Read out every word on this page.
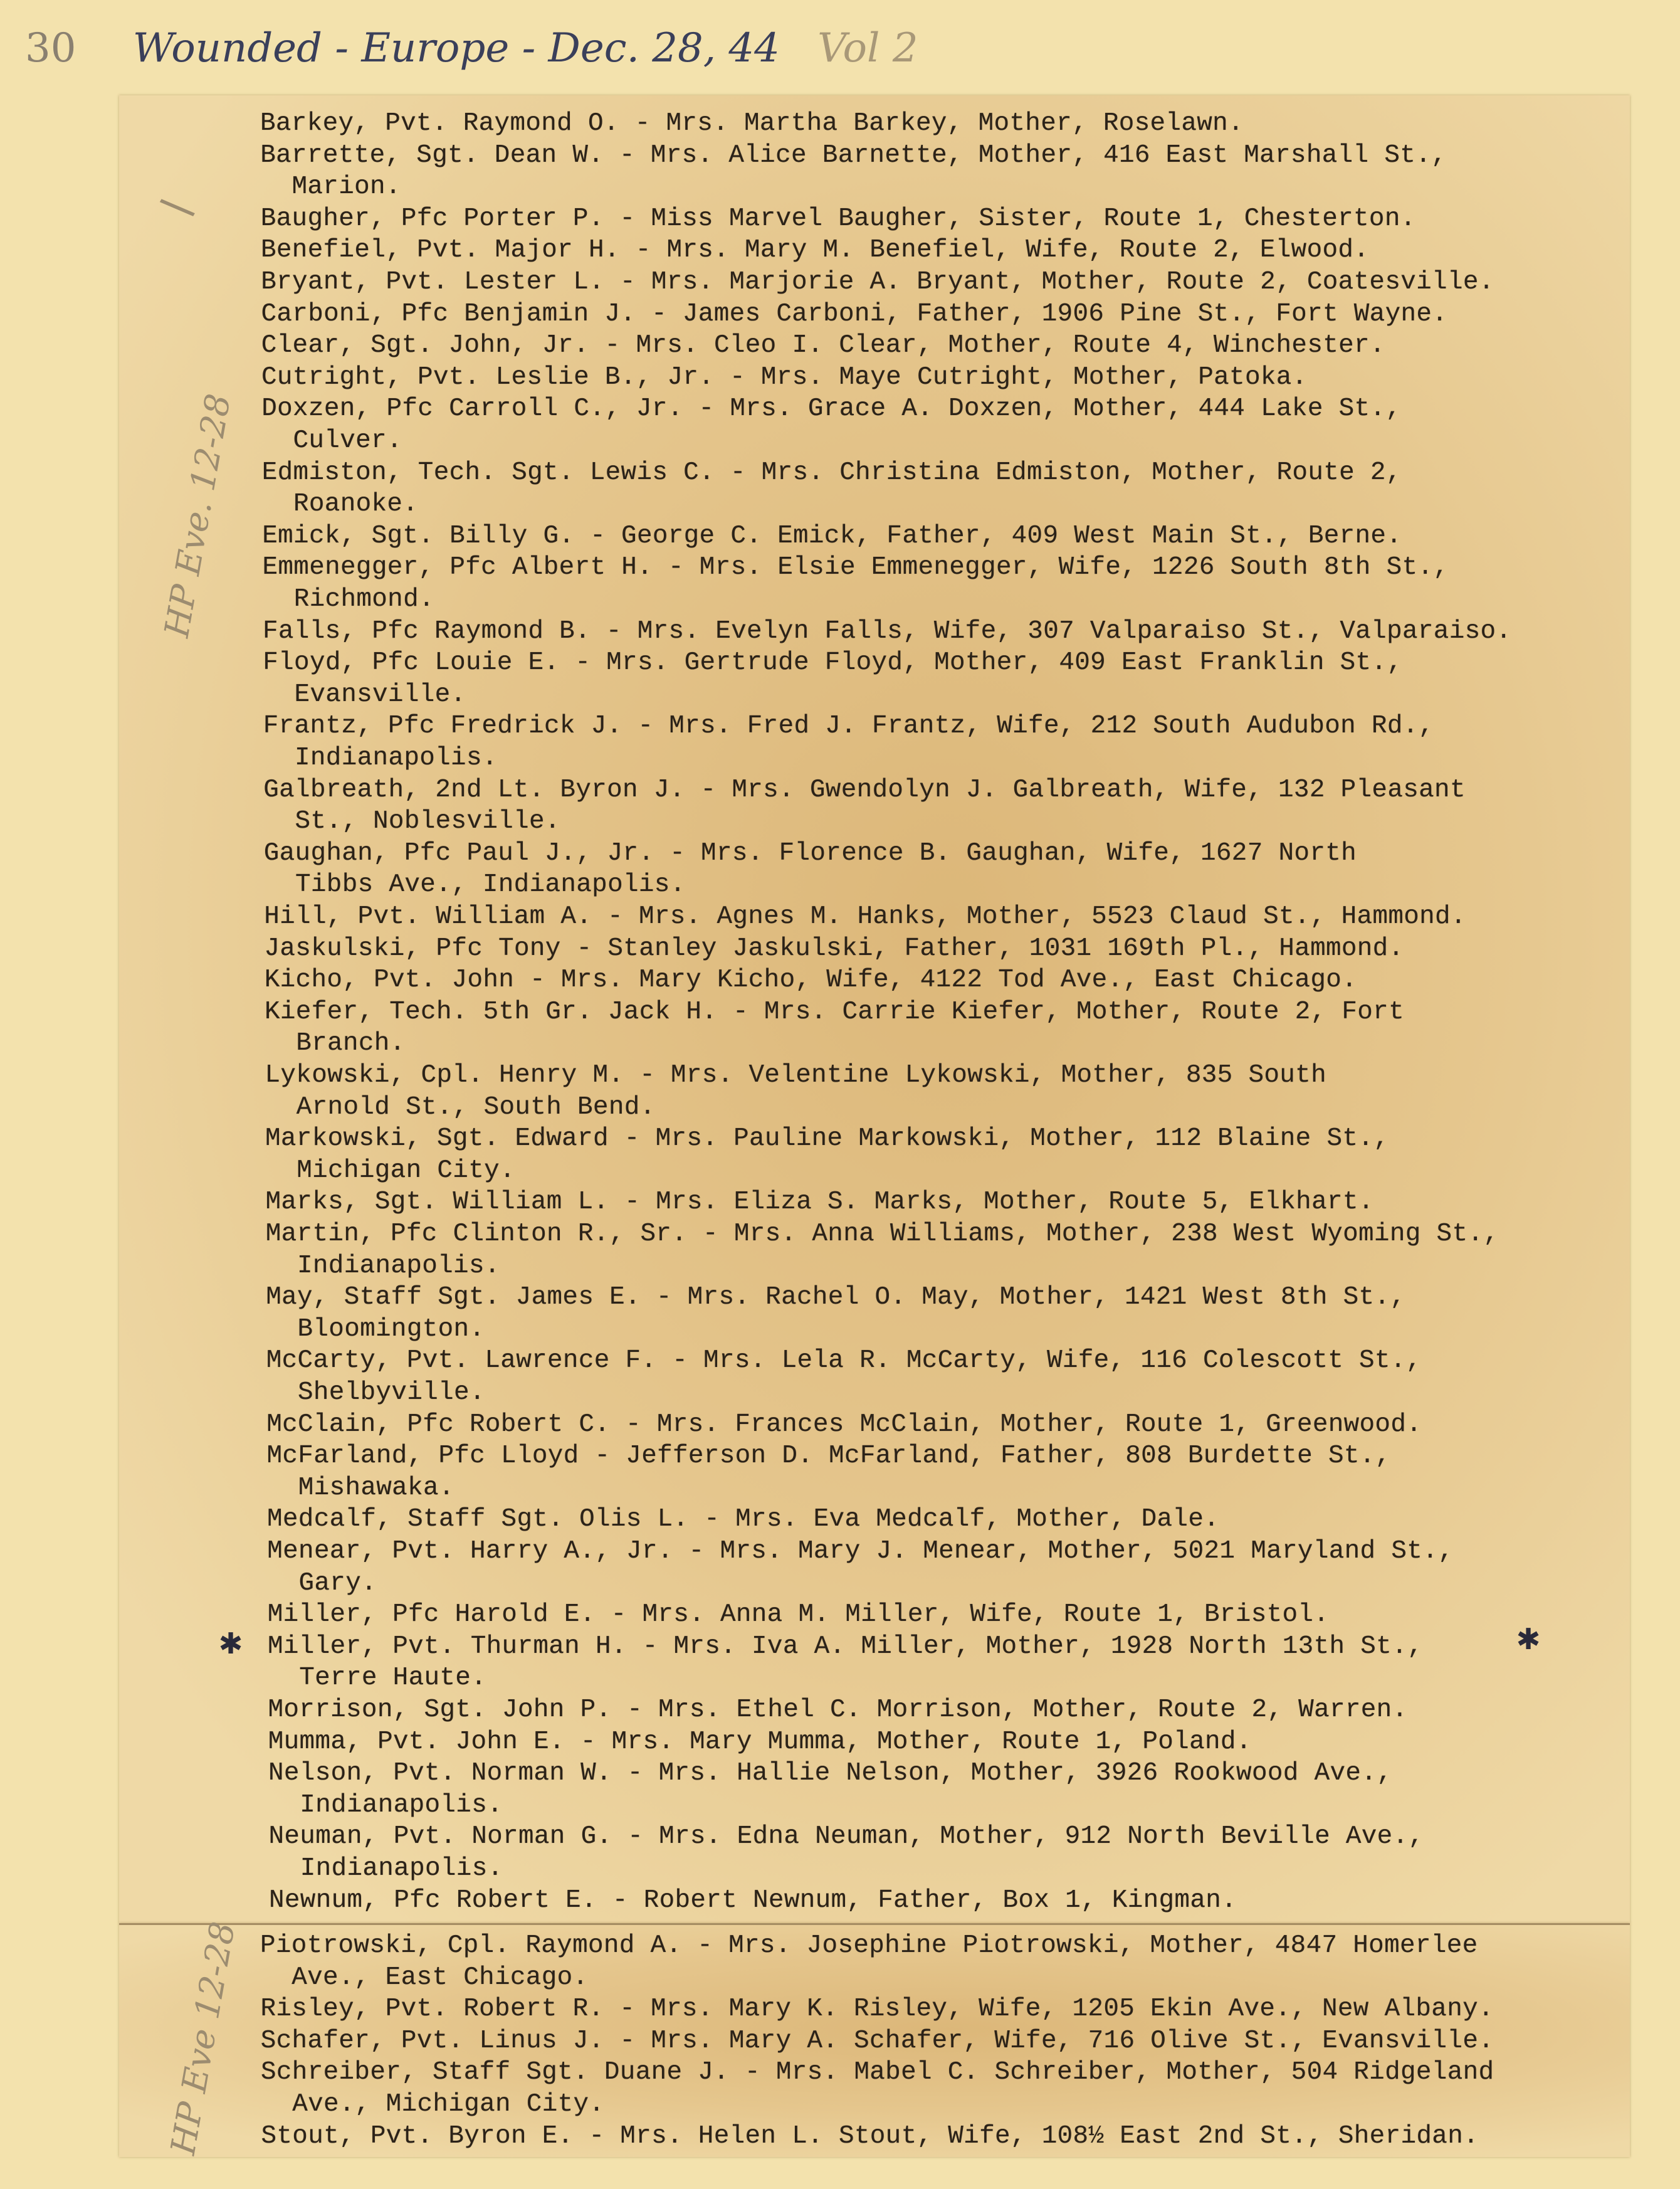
30 Wounded - Europe - Dec. 28, 44 Vol 2
Barkey, Pvt. Raymond O. - Mrs. Martha Barkey, Mother, Roselawn.
Barrette, Sgt. Dean W. - Mrs. Alice Barnette, Mother, 416 East Marshall St.,
Marion.
Baugher, Pfc Porter P. - Miss Marvel Baugher, Sister, Route 1, Chesterton.
Benefiel, Pvt. Major H. - Mrs. Mary M. Benefiel, Wife, Route 2, Elwood.
Bryant, Pvt. Lester L. - Mrs. Marjorie A. Bryant, Mother, Route 2, Coatesville.
Carboni, Pfc Benjamin J. - James Carboni, Father, 1906 Pine St., Fort Wayne.
Clear, Sgt. John, Jr. - Mrs. Cleo I. Clear, Mother, Route 4, Winchester.
Cutright, Pvt. Leslie B., Jr. - Mrs. Maye Cutright, Mother, Patoka.
Doxzen, Pfc Carroll C., Jr. - Mrs. Grace A. Doxzen, Mother, 444 Lake St.,
Culver.
Edmiston, Tech. Sgt. Lewis C. - Mrs. Christina Edmiston, Mother, Route 2,
Roanoke.
Emick, Sgt. Billy G. - George C. Emick, Father, 409 West Main St., Berne.
Emmenegger, Pfc Albert H. - Mrs. Elsie Emmenegger, Wife, 1226 South 8th St.,
Richmond.
Falls, Pfc Raymond B. - Mrs. Evelyn Falls, Wife, 307 Valparaiso St., Valparaiso.
Floyd, Pfc Louie E. - Mrs. Gertrude Floyd, Mother, 409 East Franklin St.,
Evansville.
Frantz, Pfc Fredrick J. - Mrs. Fred J. Frantz, Wife, 212 South Audubon Rd.,
Indianapolis.
Galbreath, 2nd Lt. Byron J. - Mrs. Gwendolyn J. Galbreath, Wife, 132 Pleasant
St., Noblesville.
Gaughan, Pfc Paul J., Jr. - Mrs. Florence B. Gaughan, Wife, 1627 North
Tibbs Ave., Indianapolis.
Hill, Pvt. William A. - Mrs. Agnes M. Hanks, Mother, 5523 Claud St., Hammond.
Jaskulski, Pfc Tony - Stanley Jaskulski, Father, 1031 169th Pl., Hammond.
Kicho, Pvt. John - Mrs. Mary Kicho, Wife, 4122 Tod Ave., East Chicago.
Kiefer, Tech. 5th Gr. Jack H. - Mrs. Carrie Kiefer, Mother, Route 2, Fort
Branch.
Lykowski, Cpl. Henry M. - Mrs. Velentine Lykowski, Mother, 835 South
Arnold St., South Bend.
Markowski, Sgt. Edward - Mrs. Pauline Markowski, Mother, 112 Blaine St.,
Michigan City.
Marks, Sgt. William L. - Mrs. Eliza S. Marks, Mother, Route 5, Elkhart.
Martin, Pfc Clinton R., Sr. - Mrs. Anna Williams, Mother, 238 West Wyoming St.,
Indianapolis.
May, Staff Sgt. James E. - Mrs. Rachel O. May, Mother, 1421 West 8th St.,
Bloomington.
McCarty, Pvt. Lawrence F. - Mrs. Lela R. McCarty, Wife, 116 Colescott St.,
Shelbyville.
McClain, Pfc Robert C. - Mrs. Frances McClain, Mother, Route 1, Greenwood.
McFarland, Pfc Lloyd - Jefferson D. McFarland, Father, 808 Burdette St.,
Mishawaka.
Medcalf, Staff Sgt. Olis L. - Mrs. Eva Medcalf, Mother, Dale.
Menear, Pvt. Harry A., Jr. - Mrs. Mary J. Menear, Mother, 5021 Maryland St.,
Gary.
Miller, Pfc Harold E. - Mrs. Anna M. Miller, Wife, Route 1, Bristol.
Miller, Pvt. Thurman H. - Mrs. Iva A. Miller, Mother, 1928 North 13th St.,
Terre Haute.
Morrison, Sgt. John P. - Mrs. Ethel C. Morrison, Mother, Route 2, Warren.
Mumma, Pvt. John E. - Mrs. Mary Mumma, Mother, Route 1, Poland.
Nelson, Pvt. Norman W. - Mrs. Hallie Nelson, Mother, 3926 Rookwood Ave.,
Indianapolis.
Neuman, Pvt. Norman G. - Mrs. Edna Neuman, Mother, 912 North Beville Ave.,
Indianapolis.
Newnum, Pfc Robert E. - Robert Newnum, Father, Box 1, Kingman.
Piotrowski, Cpl. Raymond A. - Mrs. Josephine Piotrowski, Mother, 4847 Homerlee
Ave., East Chicago.
Risley, Pvt. Robert R. - Mrs. Mary K. Risley, Wife, 1205 Ekin Ave., New Albany.
Schafer, Pvt. Linus J. - Mrs. Mary A. Schafer, Wife, 716 Olive St., Evansville.
Schreiber, Staff Sgt. Duane J. - Mrs. Mabel C. Schreiber, Mother, 504 Ridgeland
Ave., Michigan City.
Stout, Pvt. Byron E. - Mrs. Helen L. Stout, Wife, 108½ East 2nd St., Sheridan.
\
HP Eve. 12-28
HP Eve 12-28
✱	✱
